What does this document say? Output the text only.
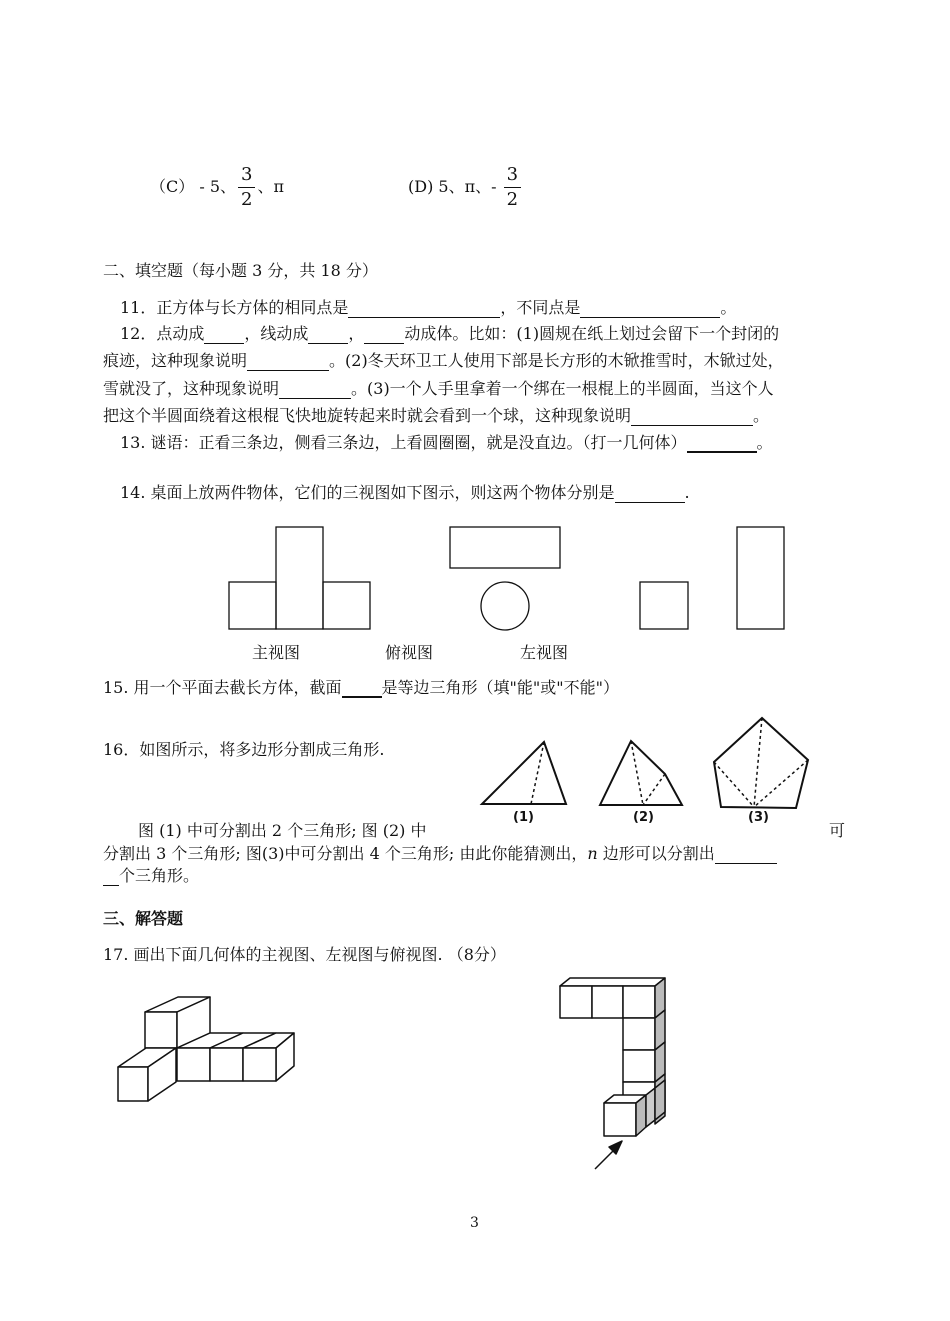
（C） - 5、 $\frac{3}{2}$ 、π	(D) 5、π、- $\frac{3}{2}$
二、填空题（每小题 3 分，共 18 分）
11．正方体与长方体的相同点是	，不同点是	。
12．点动成	，线动成	，	动成体。比如：(1)圆规在纸上划过会留下一个封闭的
痕迹，这种现象说明	。(2)冬天环卫工人使用下部是长方形的木锨推雪时，木锨过处，
雪就没了，这种现象说明	。(3)一个人手里拿着一个绑在一根棍上的半圆面，当这个人
把这个半圆面绕着这根棍飞快地旋转起来时就会看到一个球，这种现象说明	。
13. 谜语：正看三条边，侧看三条边，上看圆圈圈，就是没直边。（打一几何体）	。
14. 桌面上放两件物体，它们的三视图如下图示，则这两个物体分别是	.
主视图	俯视图	左视图
15. 用一个平面去截长方体，截面	是等边三角形（填"能"或"不能"）
16．如图所示，将多边形分割成三角形.
(1)	(2)	(3)
图 (1) 中可分割出 2 个三角形; 图 (2) 中	可
分割出 3 个三角形; 图(3)中可分割出 4 个三角形; 由此你能猜测出，n 边形可以分割出
个三角形。
三、解答题
17. 画出下面几何体的主视图、左视图与俯视图. （8分）
3
